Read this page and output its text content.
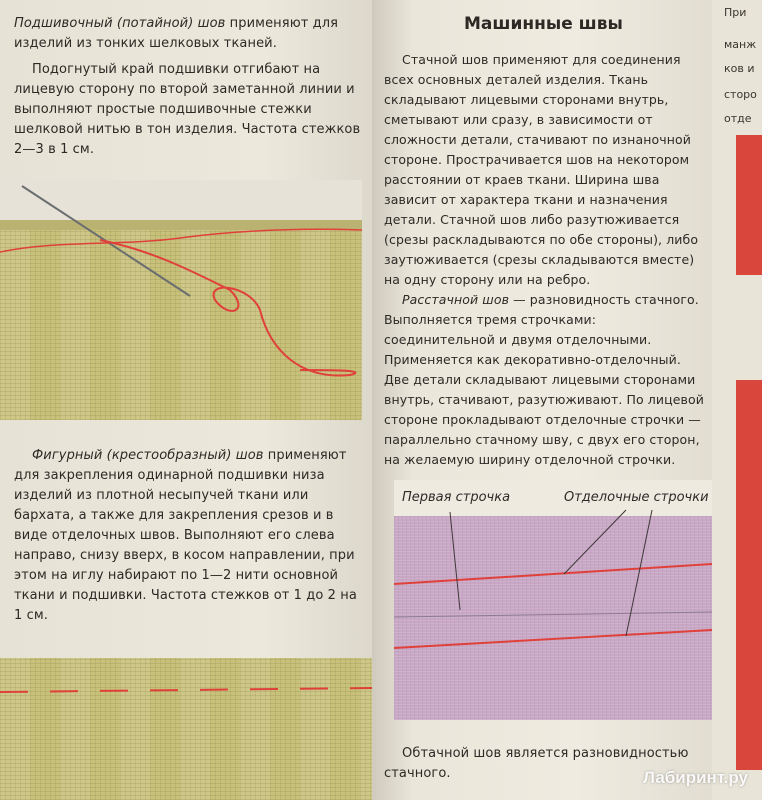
Подшивочный (потайной) шов применяют для изделий из тонких шелковых тканей.

Подогнутый край подшивки отгибают на лицевую сторону по второй заметанной линии и выполняют простые подшивочные стежки шелковой нитью в тон изделия. Частота стежков 2—3 в 1 см.

Фигурный (крестообразный) шов применяют для закрепления одинарной подшивки низа изделий из плотной несыпучей ткани или бархата, а также для закрепления срезов и в виде отделочных швов. Выполняют его слева направо, снизу вверх, в косом направлении, при этом на иглу набирают по 1—2 нити основной ткани и подшивки. Частота стежков от 1 до 2 на 1 см.

Машинные швы

Стачной шов применяют для соединения всех основных деталей изделия. Ткань складывают лицевыми сторонами внутрь, сметывают или сразу, в зависимости от сложности детали, стачивают по изнаночной стороне. Прострачивается шов на некотором расстоянии от краев ткани. Ширина шва зависит от характера ткани и назначения детали. Стачной шов либо разутюживается (срезы раскладываются по обе стороны), либо заутюживается (срезы складываются вместе) на одну сторону или на ребро.

Расстачной шов — разновидность стачного. Выполняется тремя строчками: соединительной и двумя отделочными. Применяется как декоративно-отделочный. Две детали складывают лицевыми сторонами внутрь, стачивают, разутюживают. По лицевой стороне прокладывают отделочные строчки — параллельно стачному шву, с двух его сторон, на желаемую ширину отделочной строчки.

Первая строчка	Отделочные строчки

Обтачной шов является разновидностью стачного.

При
манж
ков и
сторо
отде
Лабиринт.ру
